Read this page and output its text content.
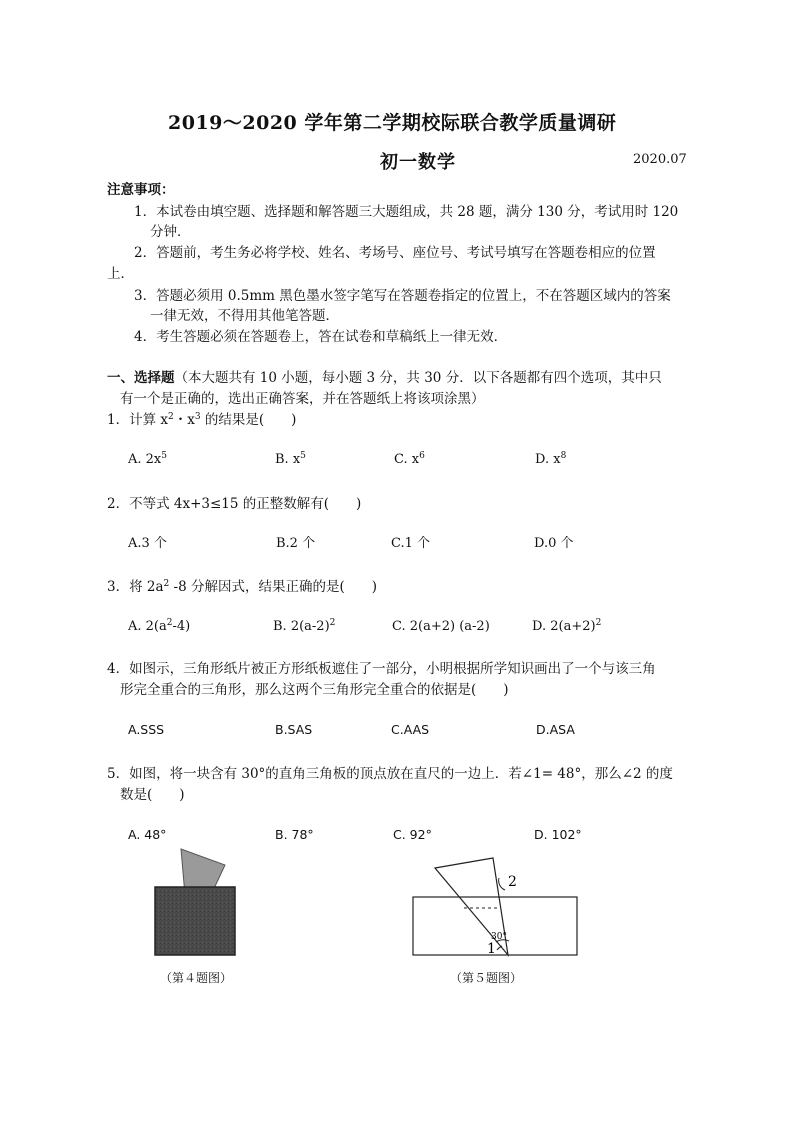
2019～2020 学年第二学期校际联合教学质量调研
初一数学	2020.07
注意事项：
1．本试卷由填空题、选择题和解答题三大题组成，共 28 题，满分 130 分，考试用时 120
分钟．
2．答题前，考生务必将学校、姓名、考场号、座位号、考试号填写在答题卷相应的位置
上．
3．答题必须用 0.5mm 黑色墨水签字笔写在答题卷指定的位置上，不在答题区域内的答案
一律无效，不得用其他笔答题．
4．考生答题必须在答题卷上，答在试卷和草稿纸上一律无效．
一、选择题（本大题共有 10 小题，每小题 3 分，共 30 分．以下各题都有四个选项，其中只
有一个是正确的，选出正确答案，并在答题纸上将该项涂黑）
1．计算 $x^2$・$x^3$ 的结果是(　　)
A. $2x^5$	B. $x^5$	C. $x^6$	D. $x^8$
2．不等式 4x+3≤15 的正整数解有(　　)
A.3 个	B.2 个	C.1 个	D.0 个
3．将 $2a^2$ -8 分解因式，结果正确的是(　　)
A. $2(a^2-4)$	B. $2(a-2)^2$	C. 2(a+2) (a-2)	D. $2(a+2)^2$
4．如图示，三角形纸片被正方形纸板遮住了一部分，小明根据所学知识画出了一个与该三角
形完全重合的三角形，那么这两个三角形完全重合的依据是(　　)
A.SSS	B.SAS	C.AAS	D.ASA
5．如图，将一块含有 30°的直角三角板的顶点放在直尺的一边上．若∠1= 48°，那么∠2 的度
数是(　　)
A. 48°	B. 78°	C. 92°	D. 102°
（第４题图）
30°
1
2
（第５题图）
